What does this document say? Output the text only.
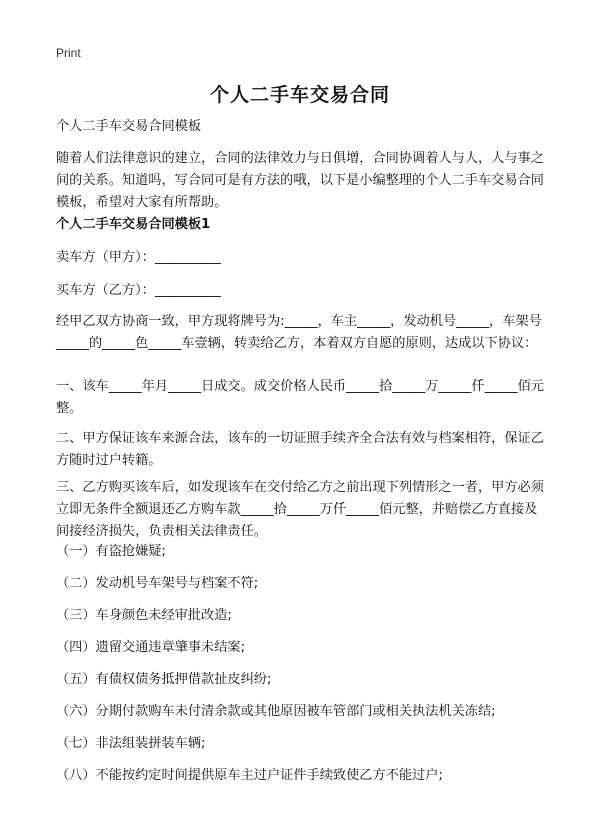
Print
个人二手车交易合同
个人二手车交易合同模板
随着人们法律意识的建立，合同的法律效力与日俱增，合同协调着人与人，人与事之间的关系。知道吗，写合同可是有方法的哦，以下是小编整理的个人二手车交易合同模板，希望对大家有所帮助。
个人二手车交易合同模板1
卖车方（甲方）：__________
买车方（乙方）：__________
经甲乙双方协商一致，甲方现将牌号为:_____，车主_____，发动机号_____，车架号_____的_____色_____车壹辆，转卖给乙方，本着双方自愿的原则，达成以下协议：
一、该车_____年月_____日成交。成交价格人民币_____拾_____万_____仟_____佰元整。
二、甲方保证该车来源合法，该车的一切证照手续齐全合法有效与档案相符，保证乙方随时过户转籍。
三、乙方购买该车后，如发现该车在交付给乙方之前出现下列情形之一者，甲方必须立即无条件全额退还乙方购车款_____拾_____万仟_____佰元整，并赔偿乙方直接及间接经济损失，负责相关法律责任。
（一）有盗抢嫌疑;
（二）发动机号车架号与档案不符;
（三）车身颜色未经审批改造;
（四）遗留交通违章肇事未结案;
（五）有债权债务抵押借款扯皮纠纷;
（六）分期付款购车未付清余款或其他原因被车管部门或相关执法机关冻结;
（七）非法组装拼装车辆;
（八）不能按约定时间提供原车主过户证件手续致使乙方不能过户;
